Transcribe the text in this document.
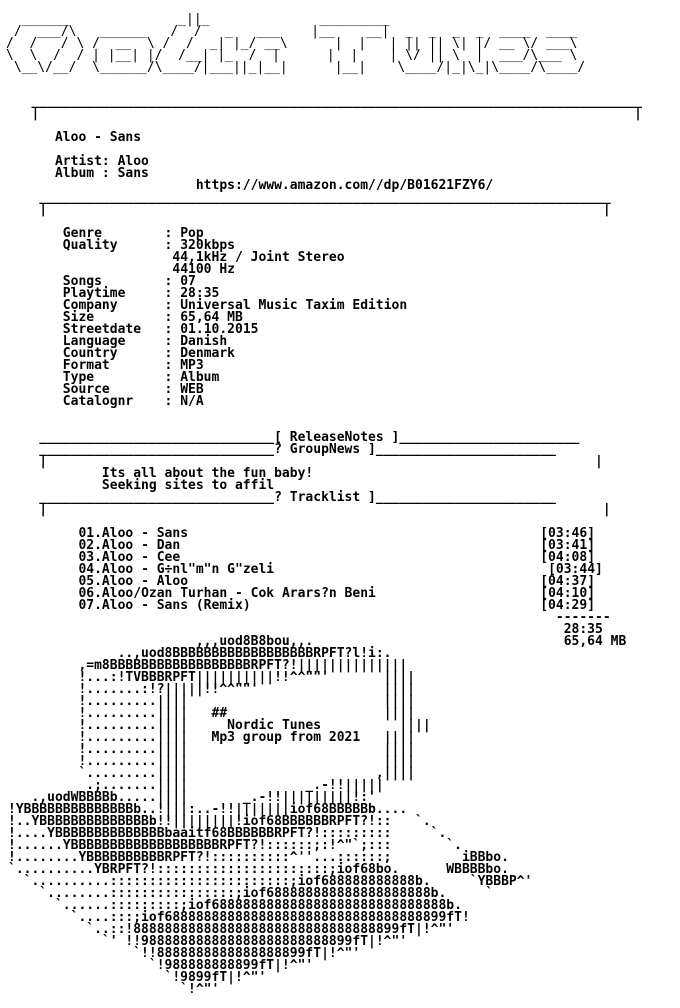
______              _||_              _________
/  ___/\   ______   /  /   _   ___    |__    __|  _  _  _  _  ____  ____
/  /   / \ /  __  \ /  /  _| |_/ __\      |  |   | || || \| |/ __ \/ ___\
\  \  /  / | |__| |/  /__| |_  /  |      |  |    | \/ || \  |  ___/\___ \
\__\/__/  \______/\____/|___||_|__|      |__|    \____/|_|\_|\____/\____/
______________________________________________________________________________
|                                                                            |

Aloo - Sans

Artist: Aloo
Album : Sans
https://www.amazon.com//dp/B01621FZY6/
_________________________________________________________________________
|                                                                       |

Genre        : Pop
Quality      : 320kbps
44,1kHz / Joint Stereo
44100 Hz
Songs        : 07
Playtime     : 28:35
Company      : Universal Music Taxim Edition
Size         : 65,64 MB
Streetdate   : 01.10.2015
Language     : Danish
Country      : Denmark
Format       : MP3
Type         : Album
Source       : WEB
Catalognr    : N/A

______________________________[ ReleaseNotes ]_______________________
______________________________? GroupNews ]_______________________
|                                                                      |
Its all about the fun baby!
Seeking sites to affil
______________________________? Tracklist ]_______________________
|                                                                       |

01.Aloo - Sans	[03:46]
02.Aloo - Dan	[03:41]
03.Aloo - Cee	[04:08]
04.Aloo - G÷nl"m"n G"zeli	[03:44]
05.Aloo - Aloo	[04:37]
06.Aloo/Ozan Turhan - Cok Arars?n Beni	[04:10]
07.Aloo - Sans (Remix)	[04:29]
-------
28:35
65,64 MB
,,,uod8B8bou,,.
..,uod8BBBBBBBBBBBBBBBBBBRPFT?l!i:.
,=m8BBBBBBBBBBBBBBBBBBRPFT?!||||||||||||||
!...:!TVBBBRPFT||||||||||!!^^""'       ||||
!.......:!?|||||!!^^""'                ||||
!.........||||                         ||||
!.........||||   ##	||||
!.........||||	Nordic Tunes	||||
!.........||||   Mp3 group from 2021   ||||
!.........||||                         ||||
!.........||||                         ||||
`.........||||                        ,||||
.;.......||||               _.-!!|||||
.,uodWBBBBb.....||||       _.-!!|||||||||!:'
!YBBBBBBBBBBBBBBb..!|||:..-!!|||||||iof68BBBBBb....
!..YBBBBBBBBBBBBBBb!!||||||||!iof68BBBBBBRPFT?!::   `.
!....YBBBBBBBBBBBBBBbaaitf68BBBBBBRPFT?!:::::::::     `.
!......YBBBBBBBBBBBBBBBBBBBRPFT?!::::::;:!^"`;:::       `.
!........YBBBBBBBBBBRPFT?!::::::::::^''...::::::;         iBBbo.
`..........YBRPFT?!::::::::::::::::::::::;iof68bo.      WBBBBbo.
`..........:::::::::::::::::::::::;iof688888888888b.     `YBBBP^'
`........::::::::::::::::;iof688888888888888888888b.     `
`......:::::::::;iof688888888888888888888888888888b.
`....:::;iof688888888888888888888888888888888899fT!
`..::!8888888888888888888888888888888899fT|!^"'
`' !!988888888888888888888888899fT|!^"'
`!!8888888888888888899fT|!^"'
`!988888888899fT|!^"'
`!9899fT|!^"'
`!^"'
